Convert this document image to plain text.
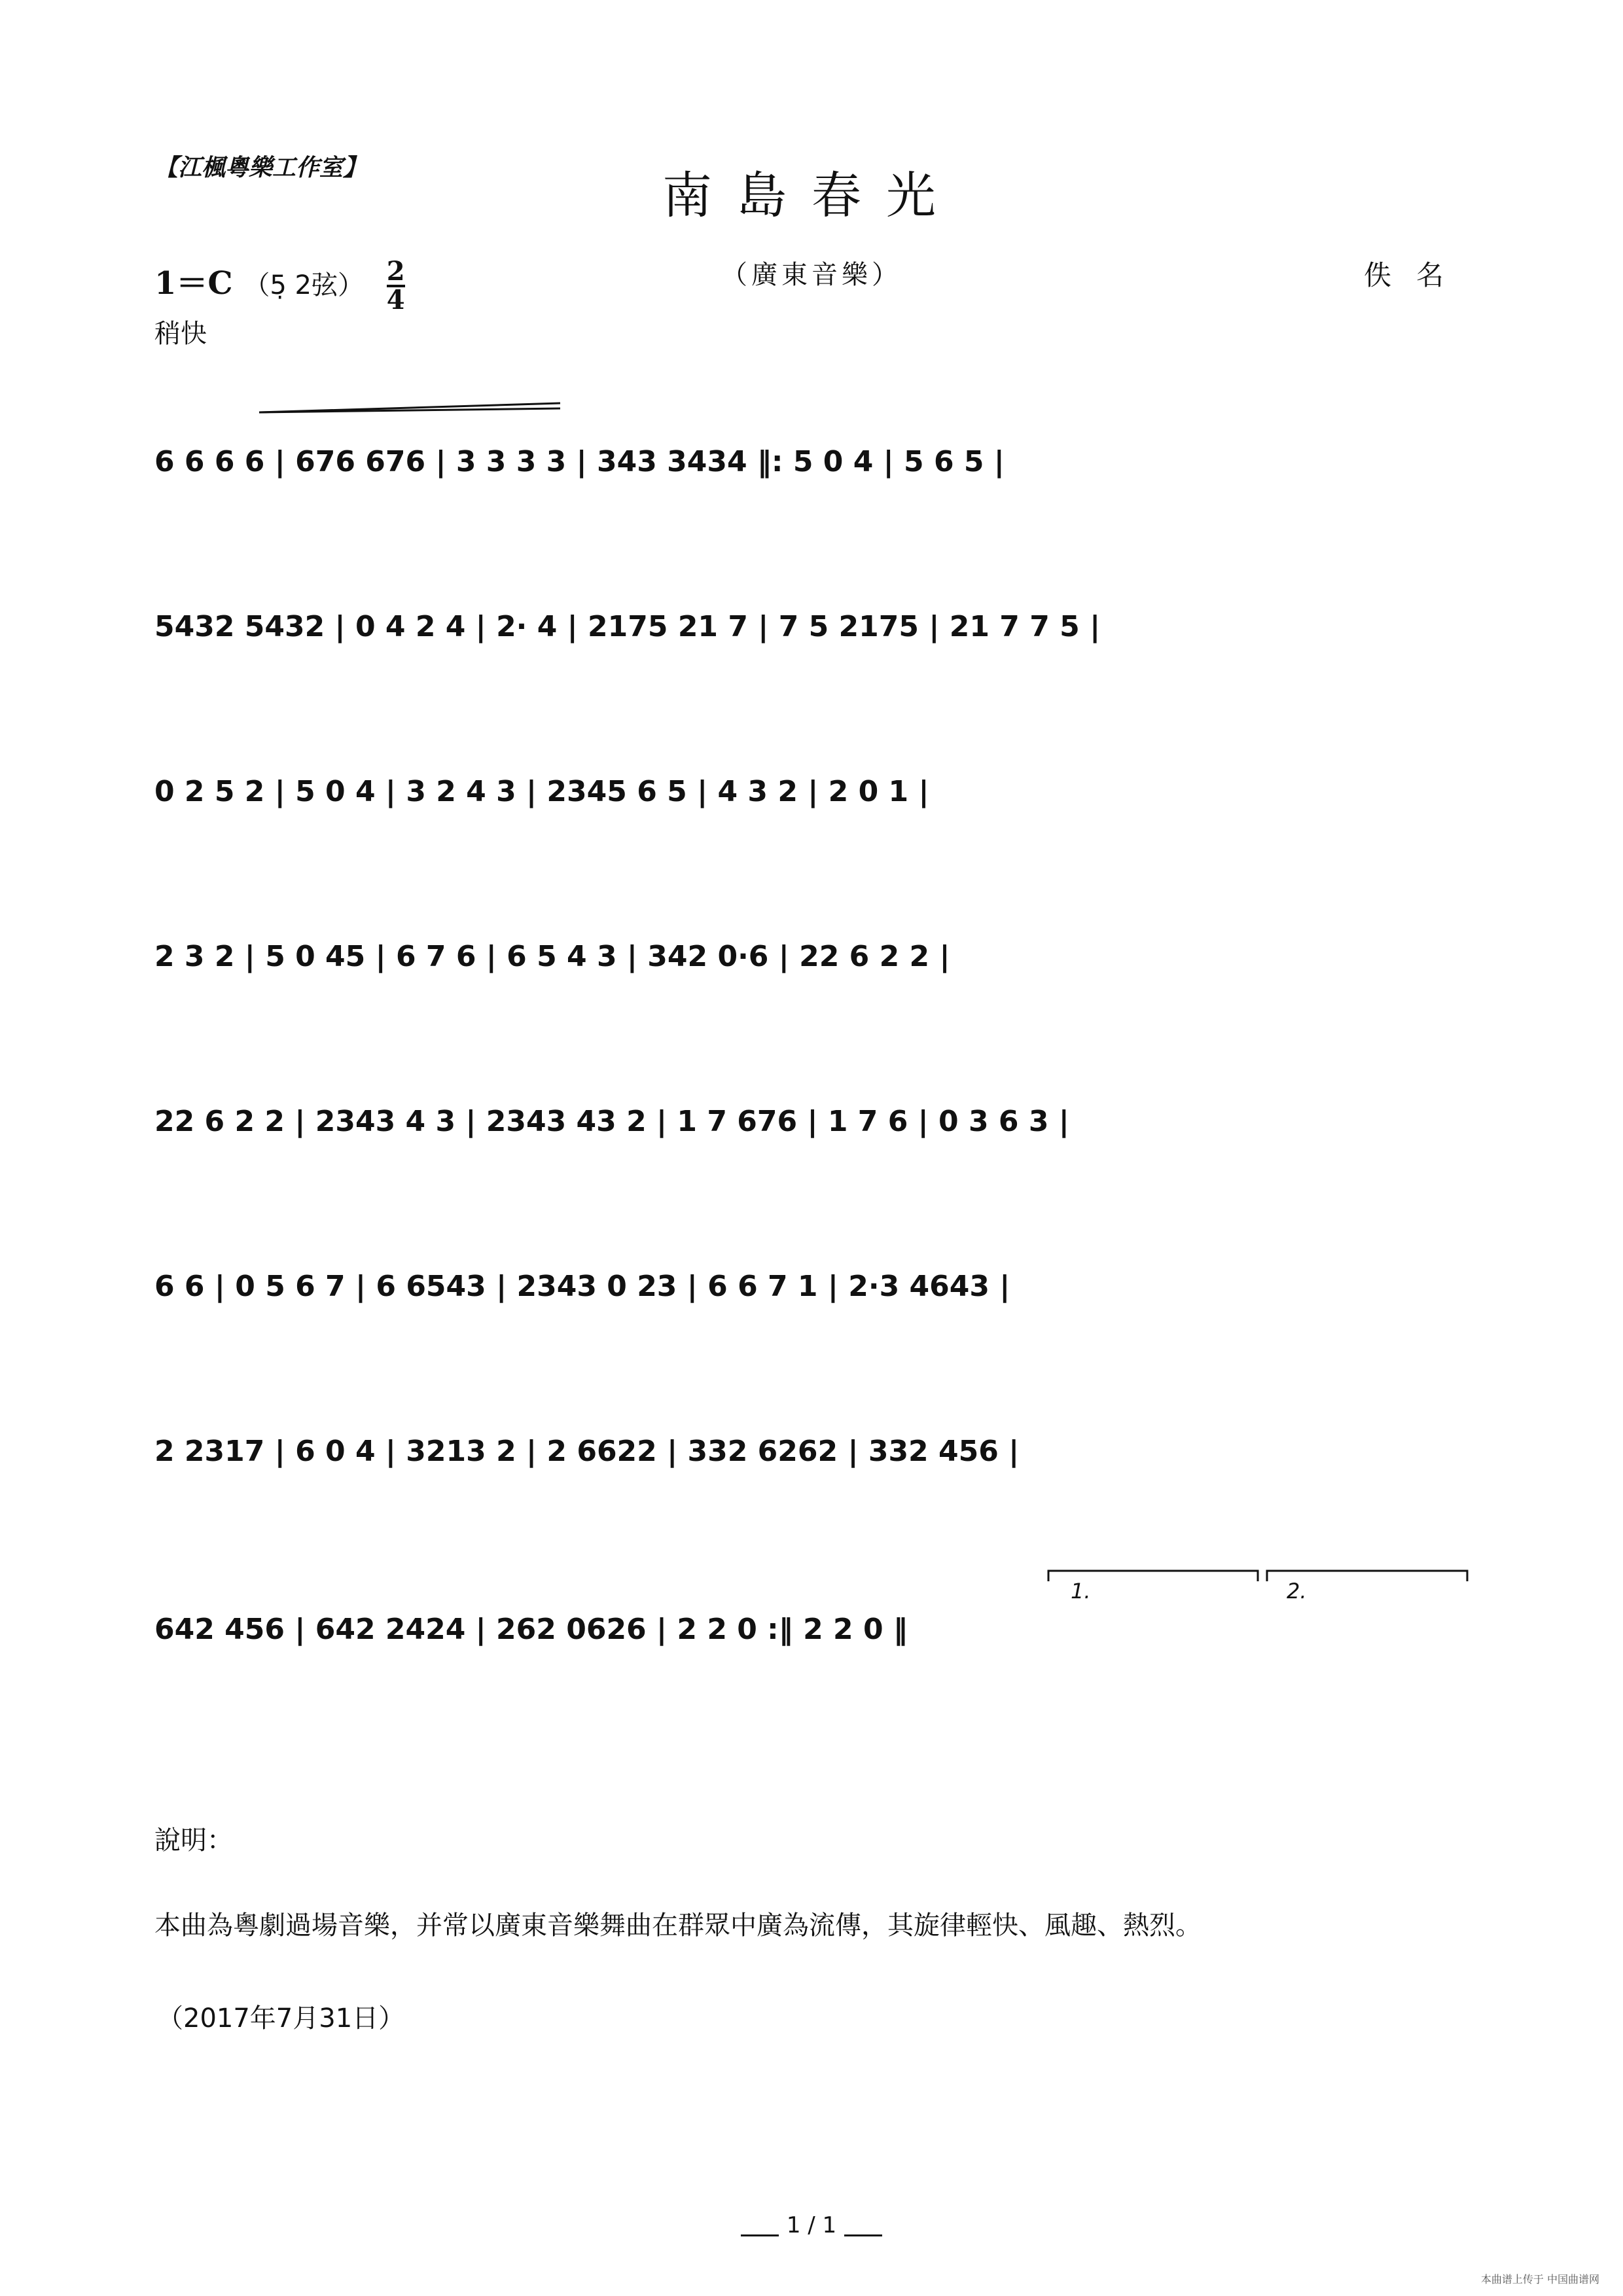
【江楓粵樂工作室】	南島春光
（廣東音樂）
1＝C （5̣ 2弦） $\frac{2}{4}$	佚名
稍快
6 6 6 6 | 676 676 | 3 3 3 3 | 343 3434 ‖: 5 0 4 | 5 6 5 |
5432 5432 | 0 4 2 4 | 2· 4 | 2175 21 7 | 7 5 2175 | 21 7 7 5 |
0 2 5 2 | 5 0 4 | 3 2 4 3 | 2345 6 5 | 4 3 2 | 2 0 1 |
2 3 2 | 5 0 45 | 6 7 6 | 6 5 4 3 | 342 0·6 | 22 6 2 2 |
22 6 2 2 | 2343 4 3 | 2343 43 2 | 1 7 676 | 1 7 6 | 0 3 6 3 |
6 6 | 0 5 6 7 | 6 6543 | 2343 0 23 | 6 6 7 1 | 2·3 4643 |
2 2317 | 6 0 4 | 3213 2 | 2 6622 | 332 6262 | 332 456 |
1.	2.
642 456 | 642 2424 | 262 0626 | 2 2 0 :‖ 2 2 0 ‖
說明：
本曲為粵劇過場音樂，并常以廣東音樂舞曲在群眾中廣為流傳，其旋律輕快、風趣、熱烈。
（2017年7月31日）
1 / 1
本曲谱上传于 中国曲谱网
